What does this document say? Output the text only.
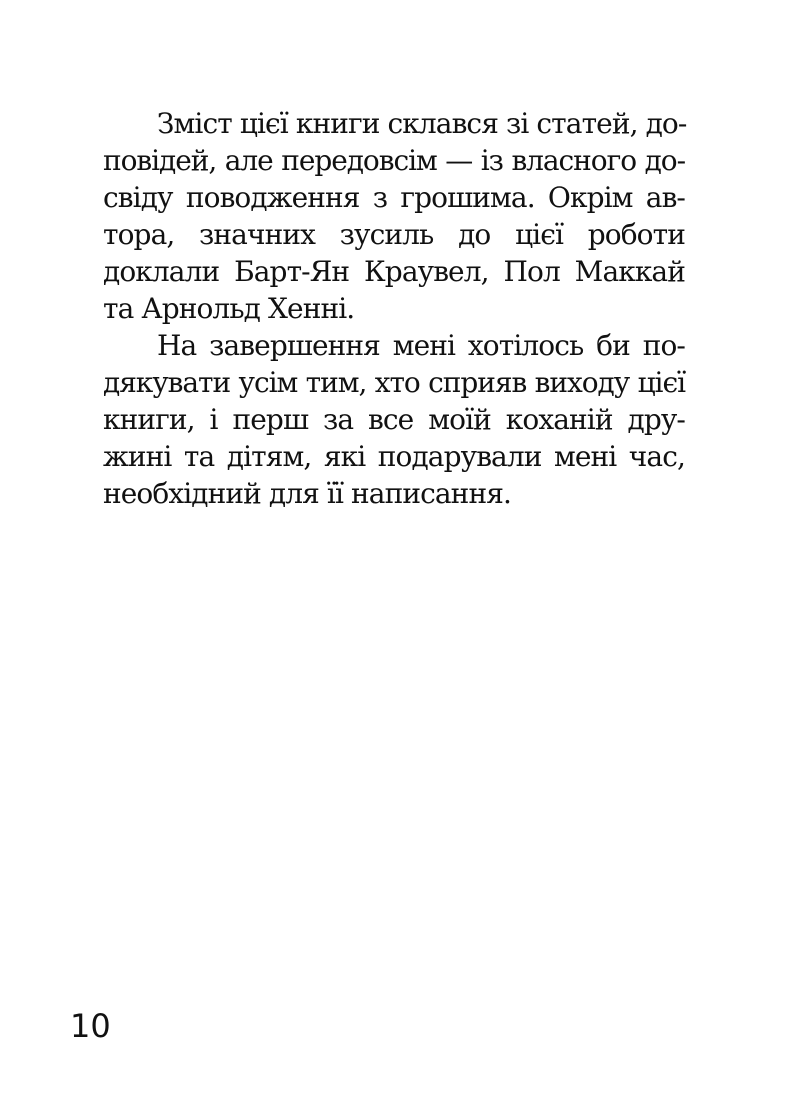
Зміст цієї книги склався зі статей, до-
повідей, але передовсім — із власного до-
свіду поводження з грошима. Окрім ав-
тора, значних зусиль до цієї роботи
доклали Барт-Ян Краувел, Пол Маккай
та Арнольд Хенні.
На завершення мені хотілось би по-
дякувати усім тим, хто сприяв виходу цієї
книги, і перш за все моїй коханій дру-
жині та дітям, які подарували мені час,
необхідний для її написання.
10
